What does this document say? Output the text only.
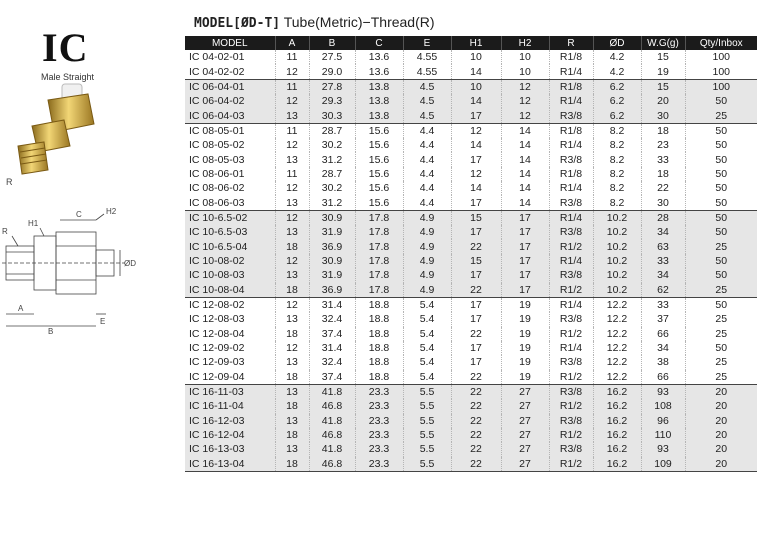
IC
Male Straight
R
R
H1
C	H2
ØD
A
B
E
MODEL[ØD-T] Tube(Metric)−Thread(R)
MODEL	A	B	C	E	H1	H2	R	ØD	W.G(g)	Qty/Inbox
IC 04-02-01	11	27.5	13.6	4.55	10	10	R1/8	4.2	15	100
IC 04-02-02	12	29.0	13.6	4.55	14	10	R1/4	4.2	19	100
IC 06-04-01	11	27.8	13.8	4.5	10	12	R1/8	6.2	15	100
IC 06-04-02	12	29.3	13.8	4.5	14	12	R1/4	6.2	20	50
IC 06-04-03	13	30.3	13.8	4.5	17	12	R3/8	6.2	30	25
IC 08-05-01	11	28.7	15.6	4.4	12	14	R1/8	8.2	18	50
IC 08-05-02	12	30.2	15.6	4.4	14	14	R1/4	8.2	23	50
IC 08-05-03	13	31.2	15.6	4.4	17	14	R3/8	8.2	33	50
IC 08-06-01	11	28.7	15.6	4.4	12	14	R1/8	8.2	18	50
IC 08-06-02	12	30.2	15.6	4.4	14	14	R1/4	8.2	22	50
IC 08-06-03	13	31.2	15.6	4.4	17	14	R3/8	8.2	30	50
IC 10-6.5-02	12	30.9	17.8	4.9	15	17	R1/4	10.2	28	50
IC 10-6.5-03	13	31.9	17.8	4.9	17	17	R3/8	10.2	34	50
IC 10-6.5-04	18	36.9	17.8	4.9	22	17	R1/2	10.2	63	25
IC 10-08-02	12	30.9	17.8	4.9	15	17	R1/4	10.2	33	50
IC 10-08-03	13	31.9	17.8	4.9	17	17	R3/8	10.2	34	50
IC 10-08-04	18	36.9	17.8	4.9	22	17	R1/2	10.2	62	25
IC 12-08-02	12	31.4	18.8	5.4	17	19	R1/4	12.2	33	50
IC 12-08-03	13	32.4	18.8	5.4	17	19	R3/8	12.2	37	25
IC 12-08-04	18	37.4	18.8	5.4	22	19	R1/2	12.2	66	25
IC 12-09-02	12	31.4	18.8	5.4	17	19	R1/4	12.2	34	50
IC 12-09-03	13	32.4	18.8	5.4	17	19	R3/8	12.2	38	25
IC 12-09-04	18	37.4	18.8	5.4	22	19	R1/2	12.2	66	25
IC 16-11-03	13	41.8	23.3	5.5	22	27	R3/8	16.2	93	20
IC 16-11-04	18	46.8	23.3	5.5	22	27	R1/2	16.2	108	20
IC 16-12-03	13	41.8	23.3	5.5	22	27	R3/8	16.2	96	20
IC 16-12-04	18	46.8	23.3	5.5	22	27	R1/2	16.2	110	20
IC 16-13-03	13	41.8	23.3	5.5	22	27	R3/8	16.2	93	20
IC 16-13-04	18	46.8	23.3	5.5	22	27	R1/2	16.2	109	20
